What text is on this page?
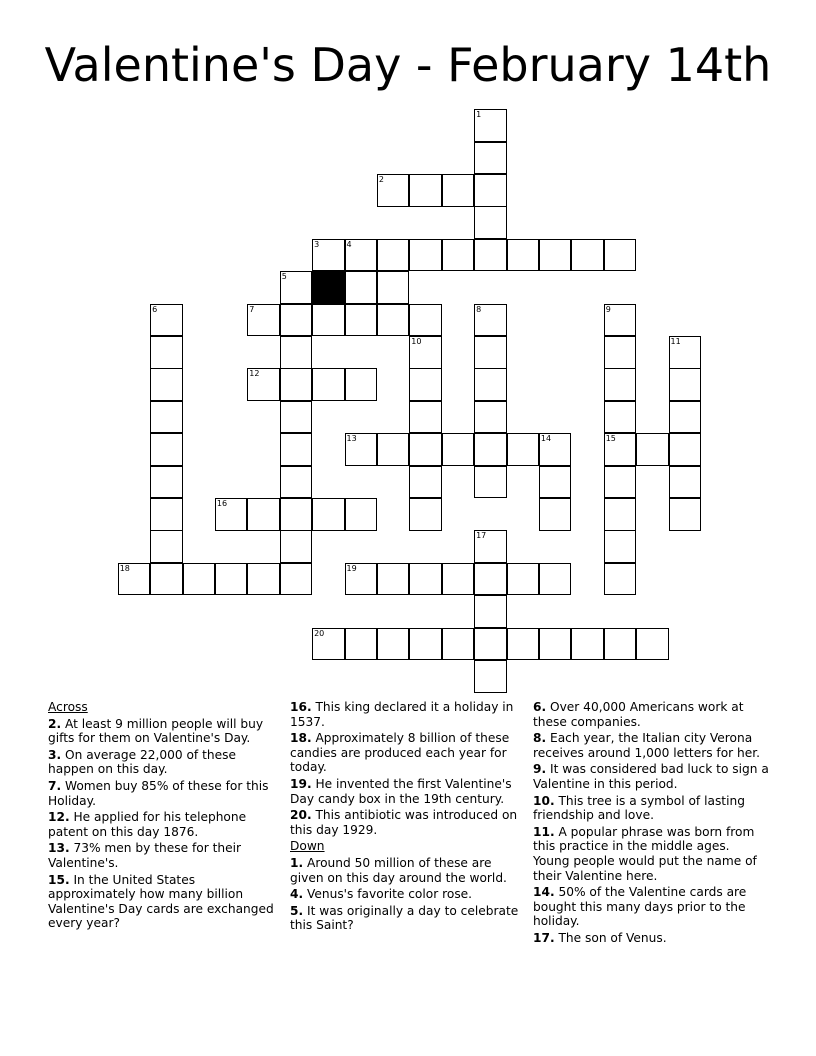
Valentine's Day - February 14th
1
2
3	4
5
6	7	8	9
10	11
12
13	14	15
16
17
18	19
20
Across
2. At least 9 million people will buy gifts for them on Valentine's Day.
3. On average 22,000 of these happen on this day.
7. Women buy 85% of these for this Holiday.
12. He applied for his telephone patent on this day 1876.
13. 73% men by these for their Valentine's.
15. In the United States approximately how many billion Valentine's Day cards are exchanged every year?
16. This king declared it a holiday in 1537.
18. Approximately 8 billion of these candies are produced each year for today.
19. He invented the first Valentine's Day candy box in the 19th century.
20. This antibiotic was introduced on this day 1929.
Down
1. Around 50 million of these are given on this day around the world.
4. Venus's favorite color rose.
5. It was originally a day to celebrate this Saint?
6. Over 40,000 Americans work at these companies.
8. Each year, the Italian city Verona receives around 1,000 letters for her.
9. It was considered bad luck to sign a Valentine in this period.
10. This tree is a symbol of lasting friendship and love.
11. A popular phrase was born from this practice in the middle ages. Young people would put the name of their Valentine here.
14. 50% of the Valentine cards are bought this many days prior to the holiday.
17. The son of Venus.
